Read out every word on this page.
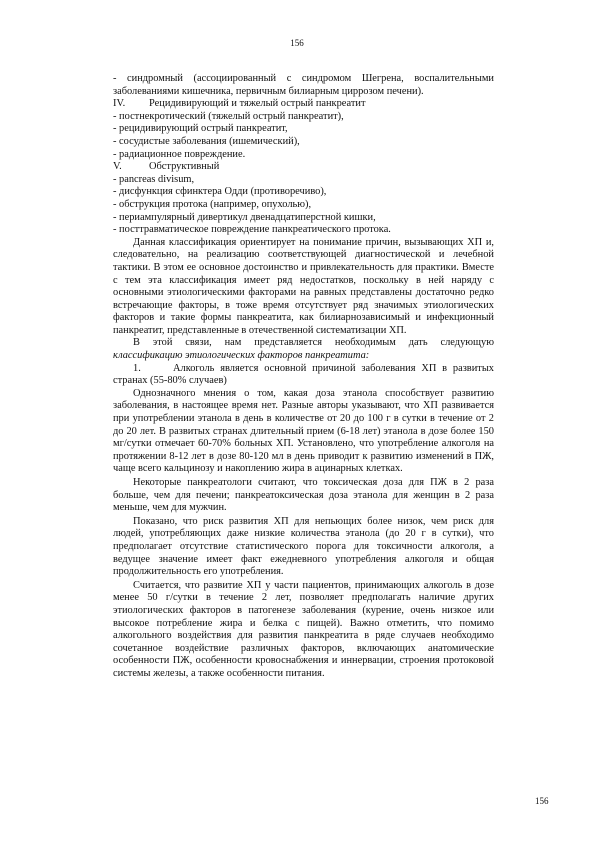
156

- синдромный (ассоциированный с синдромом Шегрена, воспалительными заболеваниями кишечника, первичным билиарным циррозом печени).

IV. Рецидивирующий и тяжелый острый панкреатит
- постнекротический (тяжелый острый панкреатит),
- рецидивирующий острый панкреатит,
- сосудистые заболевания (ишемический),
- радиационное повреждение.
V.	Обструктивный
- pancreas divisum,
- дисфункция сфинктера Одди (противоречиво),
- обструкция протока (например, опухолью),
- периампулярный дивертикул двенадцатиперстной кишки,
- посттравматическое повреждение панкреатического протока.

Данная классификация ориентирует на понимание причин, вызывающих ХП и, следовательно, на реализацию соответствующей диагностической и лечебной тактики. В этом ее основное достоинство и привлекательность для практики. Вместе с тем эта классификация имеет ряд недостатков, поскольку в ней наряду с основными этиологическими факторами на равных представлены достаточно редко встречающие факторы, в тоже время отсутствует ряд значимых этиологических факторов и такие формы панкреатита, как билиарнозависимый и инфекционный панкреатит, представленные в отечественной систематизации ХП.

В этой связи, нам представляется необходимым дать следующую классификацию этиологических факторов панкреатита:

1.	Алкоголь является основной причиной заболевания ХП в развитых странах (55-80% случаев)

Однозначного мнения о том, какая доза этанола способствует развитию заболевания, в настоящее время нет. Разные авторы указывают, что ХП развивается при употреблении этанола в день в количестве от 20 до 100 г в сутки в течение от 2 до 20 лет. В развитых странах длительный прием (6-18 лет) этанола в дозе более 150 мг/сутки отмечает 60-70% больных ХП. Установлено, что употребление алкоголя на протяжении 8-12 лет в дозе 80-120 мл в день приводит к развитию изменений в ПЖ, чаще всего кальцинозу и накоплению жира в ацинарных клетках.

Некоторые панкреатологи считают, что токсическая доза для ПЖ в 2 раза больше, чем для печени; панкреатоксическая доза этанола для женщин в 2 раза меньше, чем для мужчин.

Показано, что риск развития ХП для непьющих более низок, чем риск для людей, употребляющих даже низкие количества этанола (до 20 г в сутки), что предполагает отсутствие статистического порога для токсичности алкоголя, а ведущее значение имеет факт ежедневного употребления алкоголя и общая продолжительность его употребления.

Считается, что развитие ХП у части пациентов, принимающих алкоголь в дозе менее 50 г/сутки в течение 2 лет, позволяет предполагать наличие других этиологических факторов в патогенезе заболевания (курение, очень низкое или высокое потребление жира и белка с пищей). Важно отметить, что помимо алкогольного воздействия для развития панкреатита в ряде случаев необходимо сочетанное воздействие различных факторов, включающих анатомические особенности ПЖ, особенности кровоснабжения и иннервации, строения протоковой системы железы, а также особенности питания.

156
